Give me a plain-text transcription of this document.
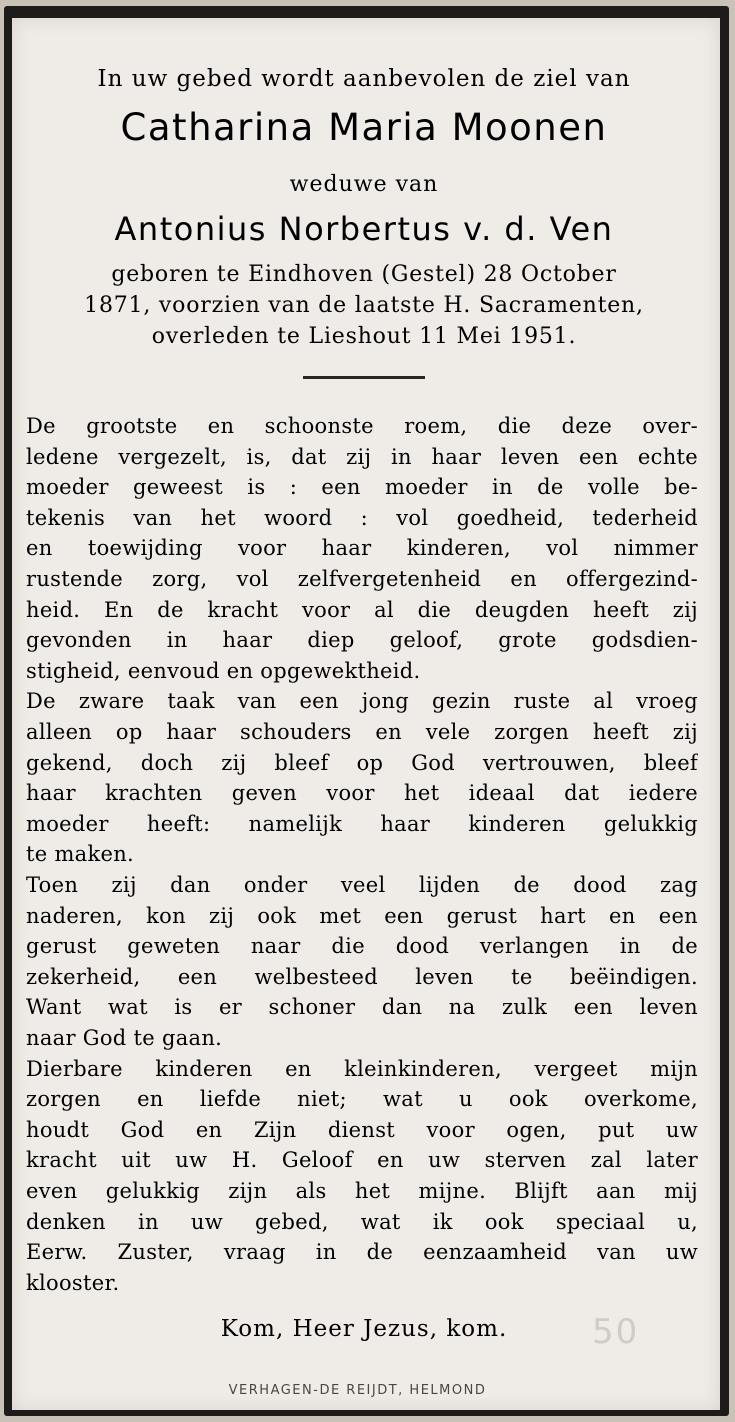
In uw gebed wordt aanbevolen de ziel van
Catharina Maria Moonen
weduwe van
Antonius Norbertus v. d. Ven
geboren te Eindhoven (Gestel) 28 October
1871, voorzien van de laatste H. Sacramenten,
overleden te Lieshout 11 Mei 1951.
De grootste en schoonste roem, die deze over-
ledene vergezelt, is, dat zij in haar leven een echte
moeder geweest is : een moeder in de volle be-
tekenis van het woord : vol goedheid, tederheid
en toewijding voor haar kinderen, vol nimmer
rustende zorg, vol zelfvergetenheid en offergezind-
heid. En de kracht voor al die deugden heeft zij
gevonden in haar diep geloof, grote godsdien-
stigheid, eenvoud en opgewektheid.
De zware taak van een jong gezin ruste al vroeg
alleen op haar schouders en vele zorgen heeft zij
gekend, doch zij bleef op God vertrouwen, bleef
haar krachten geven voor het ideaal dat iedere
moeder heeft: namelijk haar kinderen gelukkig
te maken.
Toen zij dan onder veel lijden de dood zag
naderen, kon zij ook met een gerust hart en een
gerust geweten naar die dood verlangen in de
zekerheid, een welbesteed leven te beëindigen.
Want wat is er schoner dan na zulk een leven
naar God te gaan.
Dierbare kinderen en kleinkinderen, vergeet mijn
zorgen en liefde niet; wat u ook overkome,
houdt God en Zijn dienst voor ogen, put uw
kracht uit uw H. Geloof en uw sterven zal later
even gelukkig zijn als het mijne. Blijft aan mij
denken in uw gebed, wat ik ook speciaal u,
Eerw. Zuster, vraag in de eenzaamheid van uw
klooster.
Kom, Heer Jezus, kom.	50
VERHAGEN-DE REIJDT, HELMOND
